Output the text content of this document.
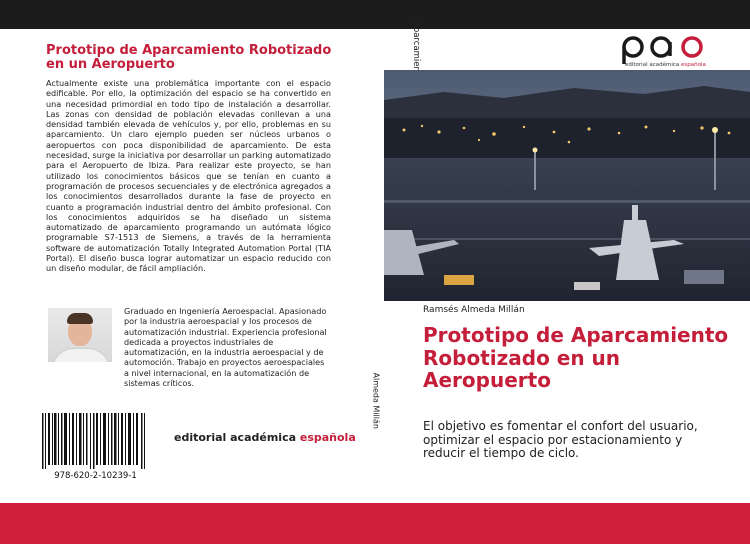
Prototipo de Aparcamiento Robotizado en un Aeropuerto
Actualmente existe una problemática importante con el espacio edificable. Por ello, la optimización del espacio se ha convertido en una necesidad primordial en todo tipo de instalación a desarrollar. Las zonas con densidad de población elevadas conllevan a una densidad también elevada de vehículos y, por ello, problemas en su aparcamiento. Un claro ejemplo pueden ser núcleos urbanos o aeropuertos con poca disponibilidad de aparcamiento. De esta necesidad, surge la iniciativa por desarrollar un parking automatizado para el Aeropuerto de Ibiza. Para realizar este proyecto, se han utilizado los conocimientos básicos que se tenían en cuanto a programación de procesos secuenciales y de electrónica agregados a los conocimientos desarrollados durante la fase de proyecto en cuanto a programación industrial dentro del ámbito profesional. Con los conocimientos adquiridos se ha diseñado un sistema automatizado de aparcamiento programando un autómata lógico programable S7-1513 de Siemens, a través de la herramienta software de automatización Totally Integrated Automation Portal (TIA Portal). El diseño busca lograr automatizar un espacio reducido con un diseño modular, de fácil ampliación.
Graduado en Ingeniería Aeroespacial. Apasionado por la industria aeroespacial y los procesos de automatización industrial. Experiencia profesional dedicada a proyectos industriales de automatización, en la industria aeroespacial y de automoción. Trabajo en proyectos aeroespaciales a nivel internacional, en la automatización de sistemas críticos.
978-620-2-10239-1
editorial académica española
Almeda Millán
editorial académica española
Ramsés Almeda Millán
Prototipo de Aparcamiento Robotizado en un Aeropuerto
El objetivo es fomentar el confort del usuario, optimizar el espacio por estacionamiento y reducir el tiempo de ciclo.
